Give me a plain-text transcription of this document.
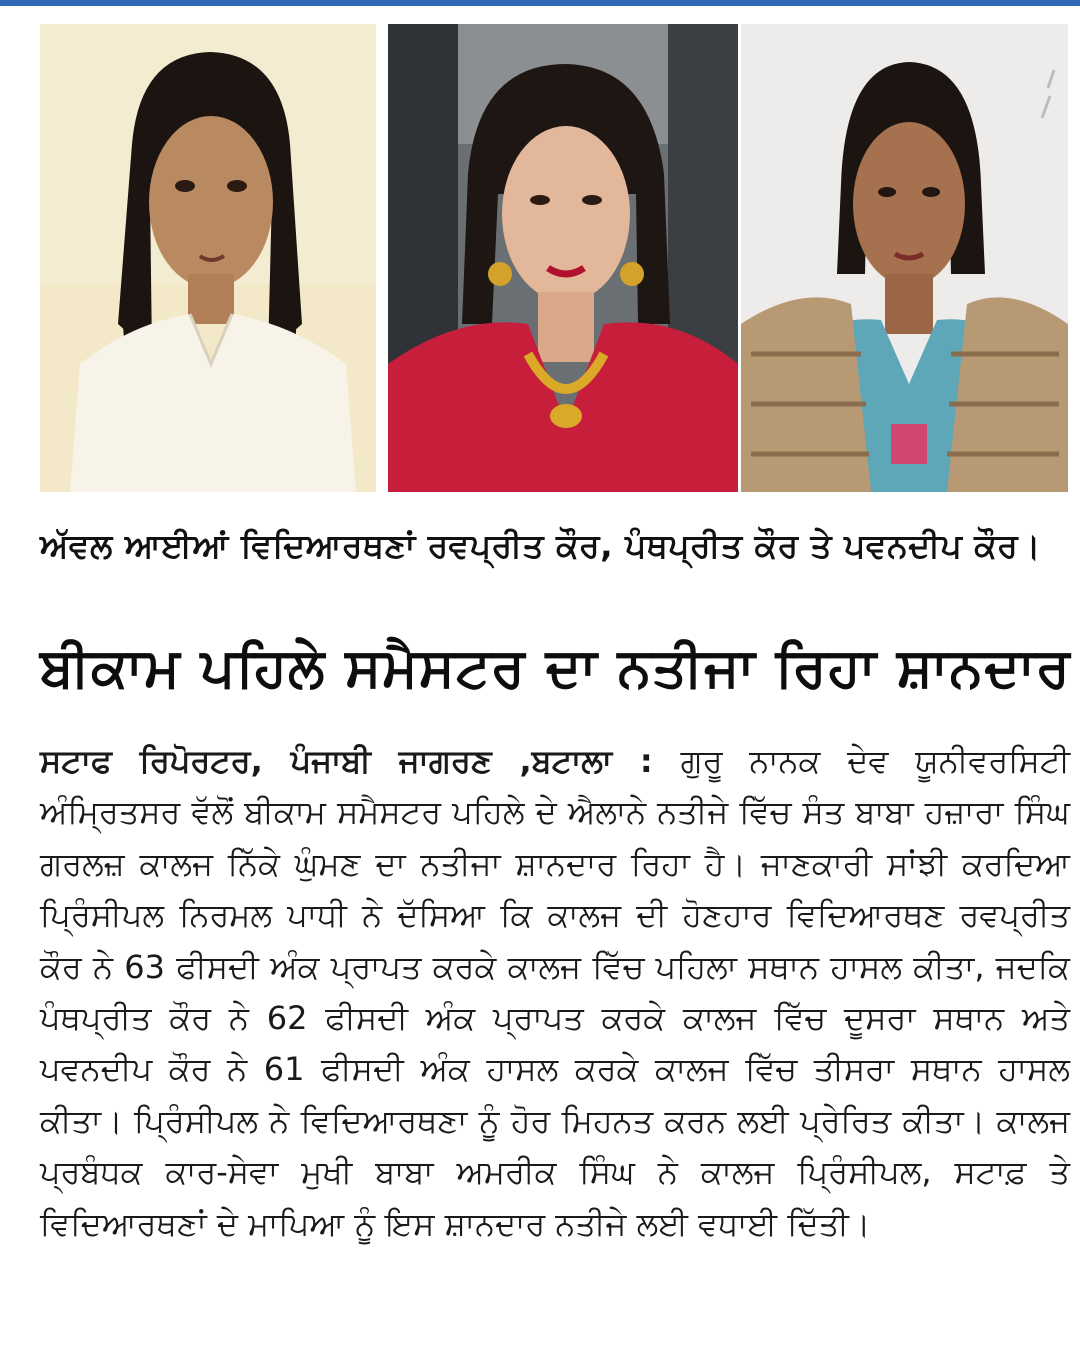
ਅੱਵਲ ਆਈਆਂ ਵਿਦਿਆਰਥਣਾਂ ਰਵਪ੍ਰੀਤ ਕੌਰ, ਪੰਥਪ੍ਰੀਤ ਕੌਰ ਤੇ ਪਵਨਦੀਪ ਕੌਰ।
ਬੀਕਾਮ ਪਹਿਲੇ ਸਮੈਸਟਰ ਦਾ ਨਤੀਜਾ ਰਿਹਾ ਸ਼ਾਨਦਾਰ
ਸਟਾਫ ਰਿਪੋਰਟਰ, ਪੰਜਾਬੀ ਜਾਗਰਣ ,ਬਟਾਲਾ : ਗੁਰੂ ਨਾਨਕ ਦੇਵ ਯੂਨੀਵਰਸਿਟੀ ਅੰਮ੍ਰਿਤਸਰ ਵੱਲੋਂ ਬੀਕਾਮ ਸਮੈਸਟਰ ਪਹਿਲੇ ਦੇ ਐਲਾਨੇ ਨਤੀਜੇ ਵਿੱਚ ਸੰਤ ਬਾਬਾ ਹਜ਼ਾਰਾ ਸਿੰਘ ਗਰਲਜ਼ ਕਾਲਜ ਨਿੱਕੇ ਘੁੰਮਣ ਦਾ ਨਤੀਜਾ ਸ਼ਾਨਦਾਰ ਰਿਹਾ ਹੈ। ਜਾਣਕਾਰੀ ਸਾਂਝੀ ਕਰਦਿਆ ਪ੍ਰਿੰਸੀਪਲ ਨਿਰਮਲ ਪਾਧੀ ਨੇ ਦੱਸਿਆ ਕਿ ਕਾਲਜ ਦੀ ਹੋਣਹਾਰ ਵਿਦਿਆਰਥਣ ਰਵਪ੍ਰੀਤ ਕੌਰ ਨੇ 63 ਫੀਸਦੀ ਅੰਕ ਪ੍ਰਾਪਤ ਕਰਕੇ ਕਾਲਜ ਵਿੱਚ ਪਹਿਲਾ ਸਥਾਨ ਹਾਸਲ ਕੀਤਾ, ਜਦਕਿ ਪੰਥਪ੍ਰੀਤ ਕੌਰ ਨੇ 62 ਫੀਸਦੀ ਅੰਕ ਪ੍ਰਾਪਤ ਕਰਕੇ ਕਾਲਜ ਵਿੱਚ ਦੂਸਰਾ ਸਥਾਨ ਅਤੇ ਪਵਨਦੀਪ ਕੌਰ ਨੇ 61 ਫੀਸਦੀ ਅੰਕ ਹਾਸਲ ਕਰਕੇ ਕਾਲਜ ਵਿੱਚ ਤੀਸਰਾ ਸਥਾਨ ਹਾਸਲ ਕੀਤਾ। ਪ੍ਰਿੰਸੀਪਲ ਨੇ ਵਿਦਿਆਰਥਣਾ ਨੂੰ ਹੋਰ ਮਿਹਨਤ ਕਰਨ ਲਈ ਪ੍ਰੇਰਿਤ ਕੀਤਾ। ਕਾਲਜ ਪ੍ਰਬੰਧਕ ਕਾਰ-ਸੇਵਾ ਮੁਖੀ ਬਾਬਾ ਅਮਰੀਕ ਸਿੰਘ ਨੇ ਕਾਲਜ ਪ੍ਰਿੰਸੀਪਲ, ਸਟਾਫ਼ ਤੇ ਵਿਦਿਆਰਥਣਾਂ ਦੇ ਮਾਪਿਆ ਨੂੰ ਇਸ ਸ਼ਾਨਦਾਰ ਨਤੀਜੇ ਲਈ ਵਧਾਈ ਦਿੱਤੀ।
